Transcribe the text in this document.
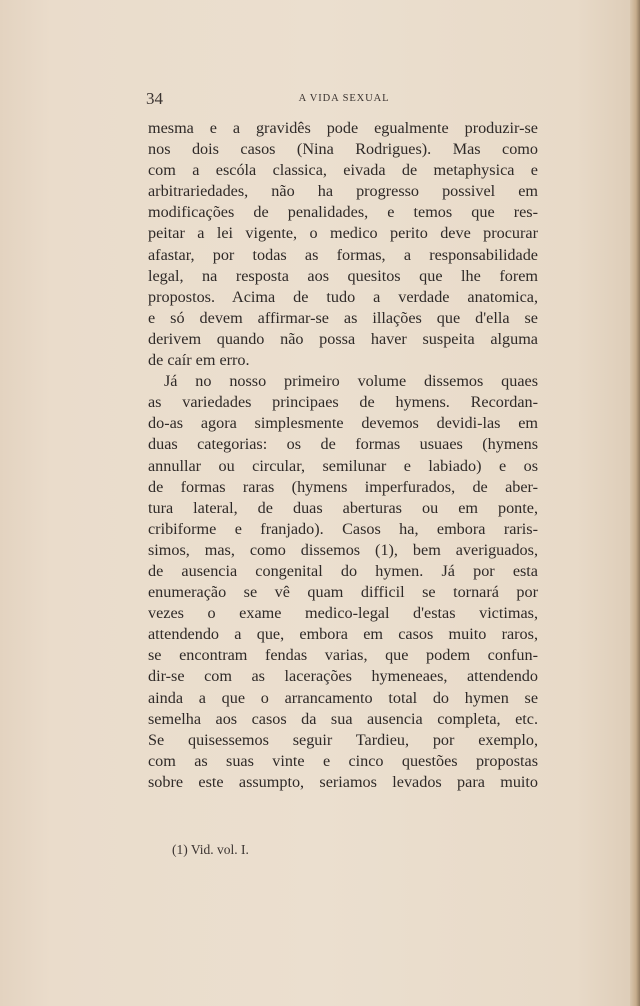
34	A VIDA SEXUAL
mesma e a gravidês pode egualmente produzir-se
nos dois casos (Nina Rodrigues). Mas como
com a escóla classica, eivada de metaphysica e
arbitrariedades, não ha progresso possivel em
modificações de penalidades, e temos que res-
peitar a lei vigente, o medico perito deve procurar
afastar, por todas as formas, a responsabilidade
legal, na resposta aos quesitos que lhe forem
propostos. Acima de tudo a verdade anatomica,
e só devem affirmar-se as illações que d'ella se
derivem quando não possa haver suspeita alguma
de caír em erro.
Já no nosso primeiro volume dissemos quaes
as variedades principaes de hymens. Recordan-
do-as agora simplesmente devemos devidi-las em
duas categorias: os de formas usuaes (hymens
annullar ou circular, semilunar e labiado) e os
de formas raras (hymens imperfurados, de aber-
tura lateral, de duas aberturas ou em ponte,
cribiforme e franjado). Casos ha, embora raris-
simos, mas, como dissemos (1), bem averiguados,
de ausencia congenital do hymen. Já por esta
enumeração se vê quam difficil se tornará por
vezes o exame medico-legal d'estas victimas,
attendendo a que, embora em casos muito raros,
se encontram fendas varias, que podem confun-
dir-se com as lacerações hymeneaes, attendendo
ainda a que o arrancamento total do hymen se
semelha aos casos da sua ausencia completa, etc.
Se quisessemos seguir Tardieu, por exemplo,
com as suas vinte e cinco questões propostas
sobre este assumpto, seriamos levados para muito
(1) Vid. vol. I.
